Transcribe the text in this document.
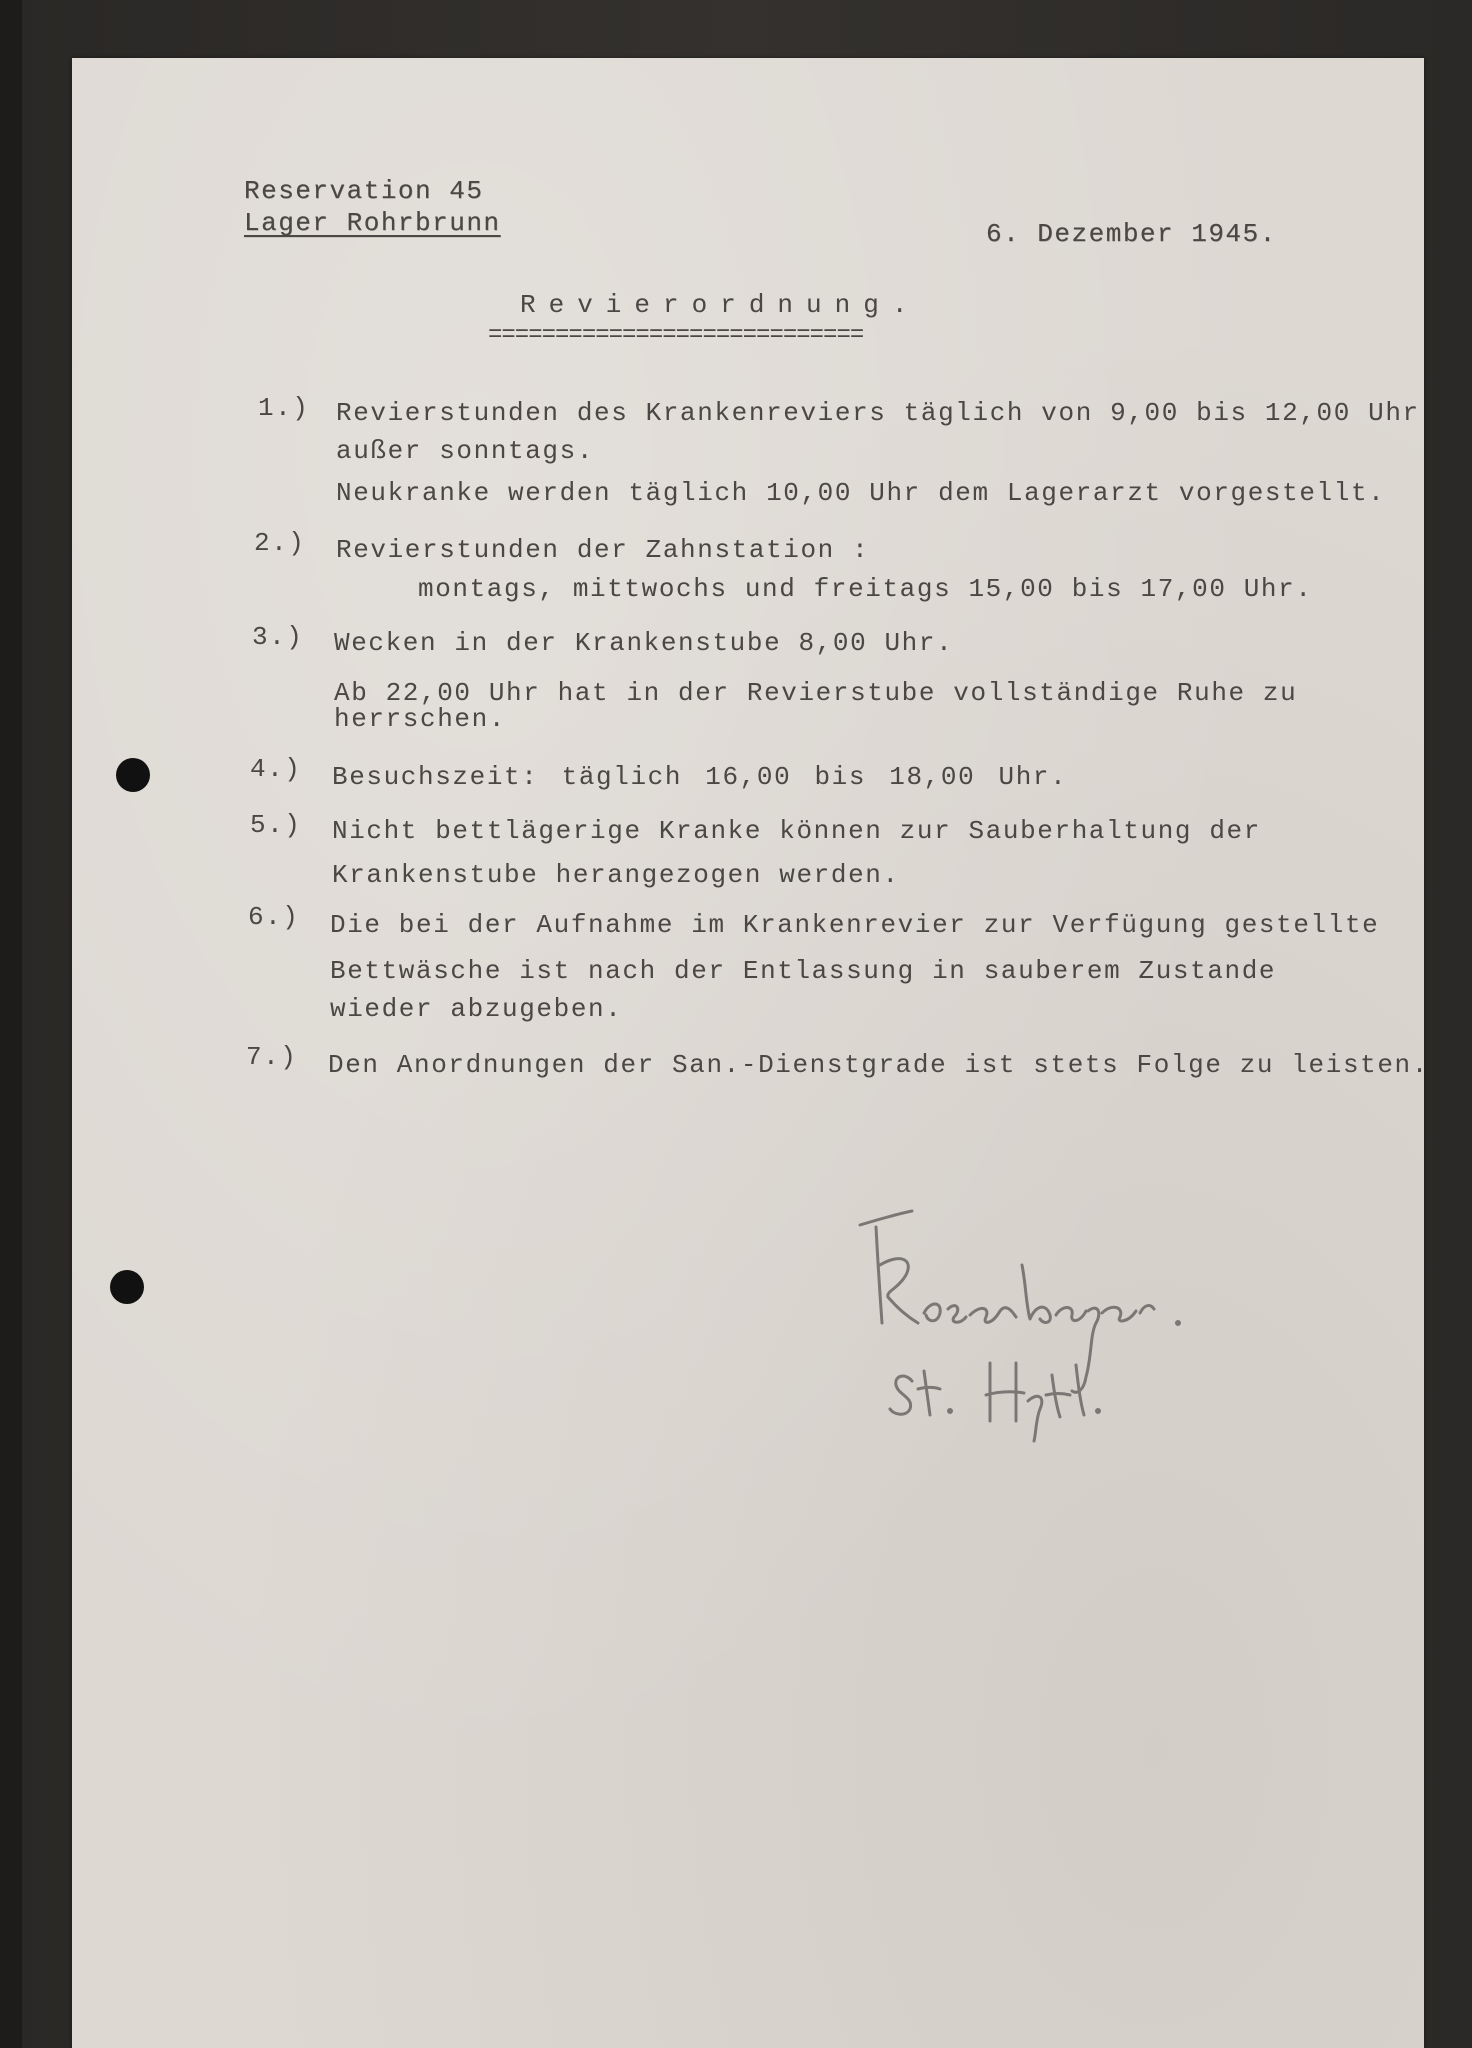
Reservation 45
Lager Rohrbrunn	6. Dezember 1945.
Revierordnung.
============================
1.) Revierstunden des Krankenreviers täglich von 9,00 bis 12,00 Uhr
außer sonntags.
Neukranke werden täglich 10,00 Uhr dem Lagerarzt vorgestellt.
2.) Revierstunden der Zahnstation :
montags, mittwochs und freitags 15,00 bis 17,00 Uhr.
3.) Wecken in der Krankenstube 8,00 Uhr.
Ab 22,00 Uhr hat in der Revierstube vollständige Ruhe zu
herrschen.
4.) Besuchszeit: täglich 16,00 bis 18,00 Uhr.
5.) Nicht bettlägerige Kranke können zur Sauberhaltung der
Krankenstube herangezogen werden.
6.) Die bei der Aufnahme im Krankenrevier zur Verfügung gestellte
Bettwäsche ist nach der Entlassung in sauberem Zustande
wieder abzugeben.
7.) Den Anordnungen der San.-Dienstgrade ist stets Folge zu leisten.
